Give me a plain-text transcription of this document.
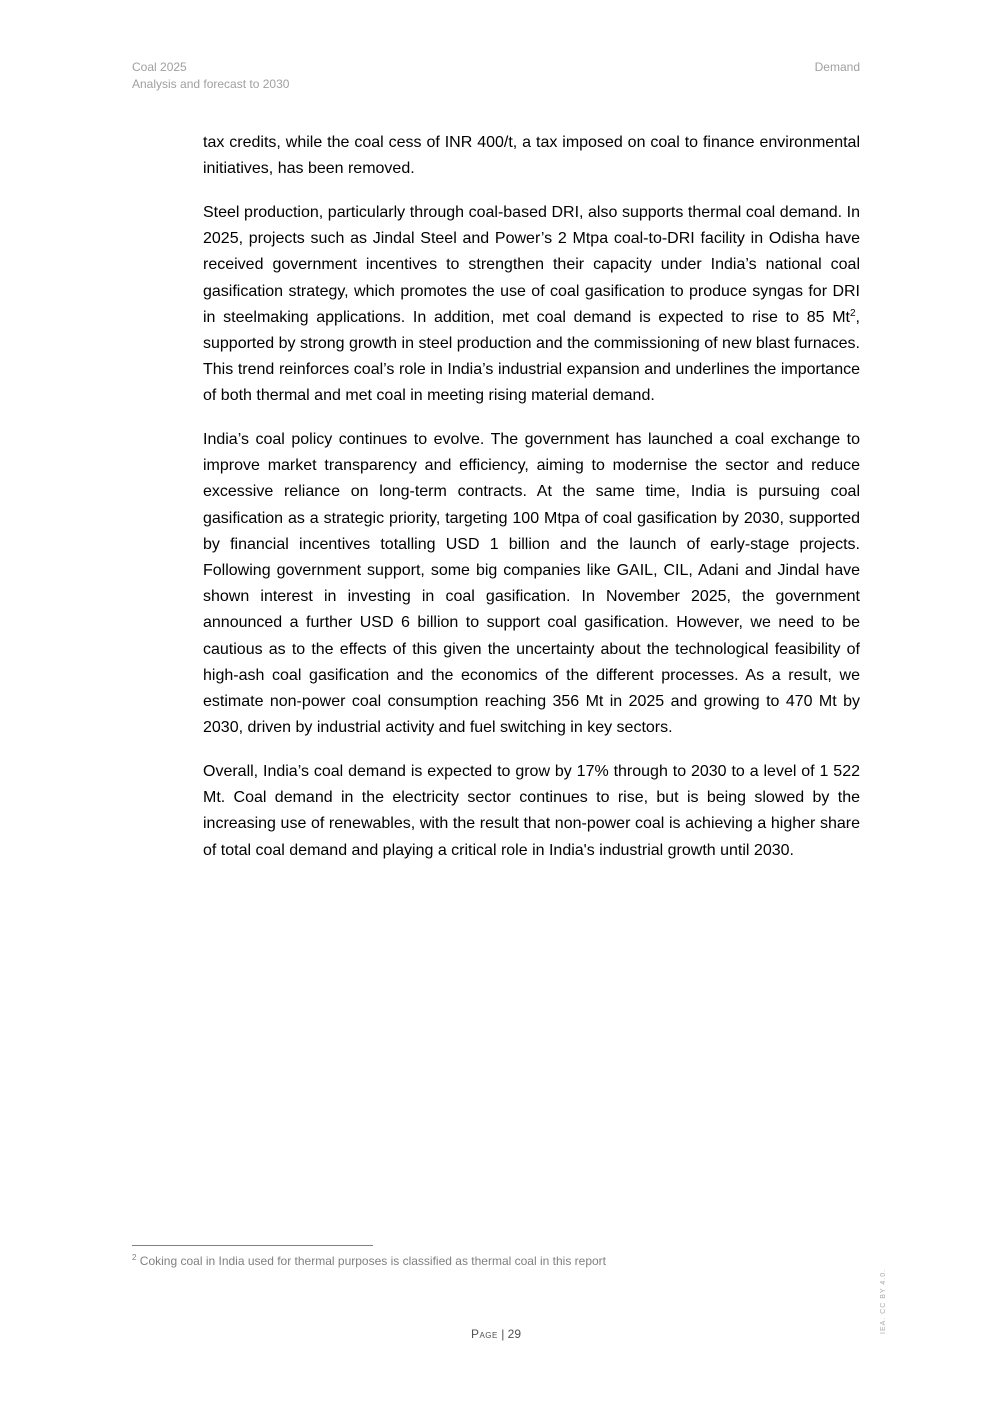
Coal 2025
Analysis and forecast to 2030
Demand

tax credits, while the coal cess of INR 400/t, a tax imposed on coal to finance environmental initiatives, has been removed.

Steel production, particularly through coal-based DRI, also supports thermal coal demand. In 2025, projects such as Jindal Steel and Power’s 2 Mtpa coal-to-DRI facility in Odisha have received government incentives to strengthen their capacity under India’s national coal gasification strategy, which promotes the use of coal gasification to produce syngas for DRI in steelmaking applications. In addition, met coal demand is expected to rise to 85 Mt$^2$, supported by strong growth in steel production and the commissioning of new blast furnaces. This trend reinforces coal’s role in India’s industrial expansion and underlines the importance of both thermal and met coal in meeting rising material demand.

India’s coal policy continues to evolve. The government has launched a coal exchange to improve market transparency and efficiency, aiming to modernise the sector and reduce excessive reliance on long-term contracts. At the same time, India is pursuing coal gasification as a strategic priority, targeting 100 Mtpa of coal gasification by 2030, supported by financial incentives totalling USD 1 billion and the launch of early-stage projects. Following government support, some big companies like GAIL, CIL, Adani and Jindal have shown interest in investing in coal gasification. In November 2025, the government announced a further USD 6 billion to support coal gasification. However, we need to be cautious as to the effects of this given the uncertainty about the technological feasibility of high-ash coal gasification and the economics of the different processes. As a result, we estimate non-power coal consumption reaching 356 Mt in 2025 and growing to 470 Mt by 2030, driven by industrial activity and fuel switching in key sectors.

Overall, India’s coal demand is expected to grow by 17% through to 2030 to a level of 1 522 Mt. Coal demand in the electricity sector continues to rise, but is being slowed by the increasing use of renewables, with the result that non-power coal is achieving a higher share of total coal demand and playing a critical role in India's industrial growth until 2030.

$^2$ Coking coal in India used for thermal purposes is classified as thermal coal in this report
Page | 29	IEA. CC BY 4.0.
